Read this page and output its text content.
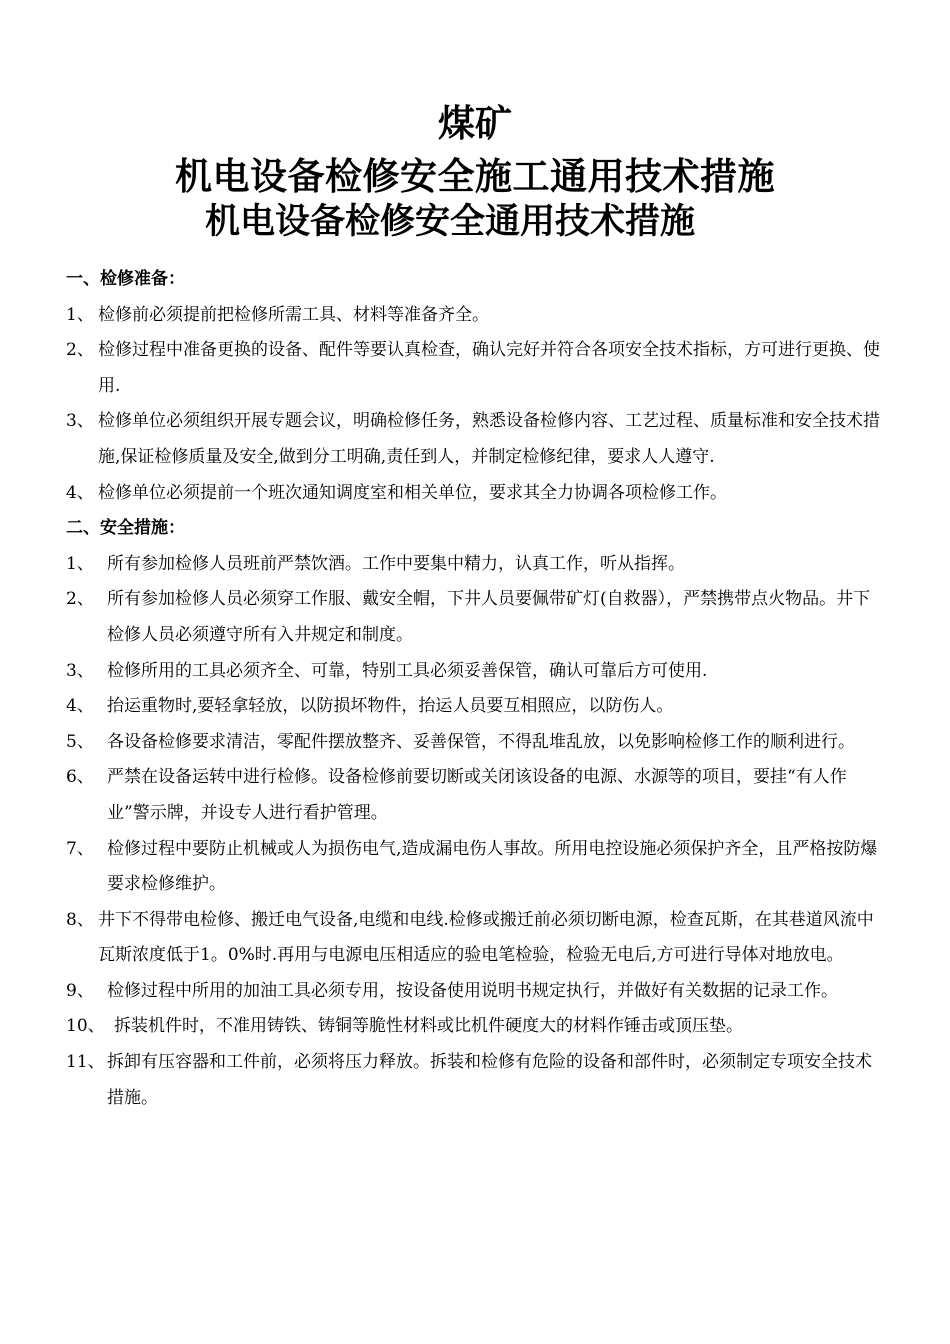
煤矿
机电设备检修安全施工通用技术措施
机电设备检修安全通用技术措施
一、检修准备：
1、 检修前必须提前把检修所需工具、材料等准备齐全。
2、 检修过程中准备更换的设备、配件等要认真检查，确认完好并符合各项安全技术指标，方可进行更换、使用.
3、 检修单位必须组织开展专题会议，明确检修任务，熟悉设备检修内容、工艺过程、质量标准和安全技术措施,保证检修质量及安全,做到分工明确,责任到人，并制定检修纪律，要求人人遵守.
4、 检修单位必须提前一个班次通知调度室和相关单位，要求其全力协调各项检修工作。
二、安全措施：
1、 所有参加检修人员班前严禁饮酒。工作中要集中精力，认真工作，听从指挥。
2、 所有参加检修人员必须穿工作服、戴安全帽，下井人员要佩带矿灯(自救器），严禁携带点火物品。井下检修人员必须遵守所有入井规定和制度。
3、 检修所用的工具必须齐全、可靠，特别工具必须妥善保管，确认可靠后方可使用.
4、 抬运重物时,要轻拿轻放，以防损坏物件，抬运人员要互相照应，以防伤人。
5、 各设备检修要求清洁，零配件摆放整齐、妥善保管，不得乱堆乱放，以免影响检修工作的顺利进行。
6、 严禁在设备运转中进行检修。设备检修前要切断或关闭该设备的电源、水源等的项目，要挂“有人作业”警示牌，并设专人进行看护管理。
7、 检修过程中要防止机械或人为损伤电气,造成漏电伤人事故。所用电控设施必须保护齐全，且严格按防爆要求检修维护。
8、 井下不得带电检修、搬迁电气设备,电缆和电线.检修或搬迁前必须切断电源，检查瓦斯，在其巷道风流中瓦斯浓度低于1。0%时.再用与电源电压相适应的验电笔检验，检验无电后,方可进行导体对地放电。
9、 检修过程中所用的加油工具必须专用，按设备使用说明书规定执行，并做好有关数据的记录工作。
10、 拆装机件时，不准用铸铁、铸铜等脆性材料或比机件硬度大的材料作锤击或顶压垫。
11、 拆卸有压容器和工件前，必须将压力释放。拆装和检修有危险的设备和部件时，必须制定专项安全技术措施。
